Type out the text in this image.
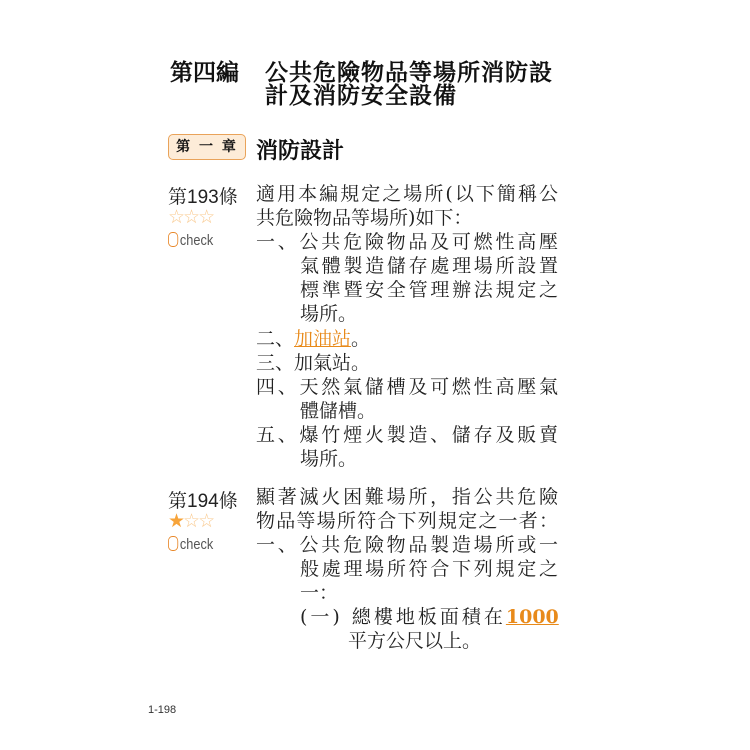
第四編 公共危險物品等場所消防設
計及消防安全設備
第 一 章 消防設計
第193條
☆☆☆
check
適用本編規定之場所(以下簡稱公
共危險物品等場所)如下：
一、公共危險物品及可燃性高壓
氣體製造儲存處理場所設置
標準暨安全管理辦法規定之
場所。
二、加油站。
三、加氣站。
四、天然氣儲槽及可燃性高壓氣
體儲槽。
五、爆竹煙火製造、儲存及販賣
場所。
第194條
★☆☆
check
顯著滅火困難場所，指公共危險
物品等場所符合下列規定之一者：
一、公共危險物品製造場所或一
般處理場所符合下列規定之
一：
(一) 總樓地板面積在1000
平方公尺以上。
1-198
